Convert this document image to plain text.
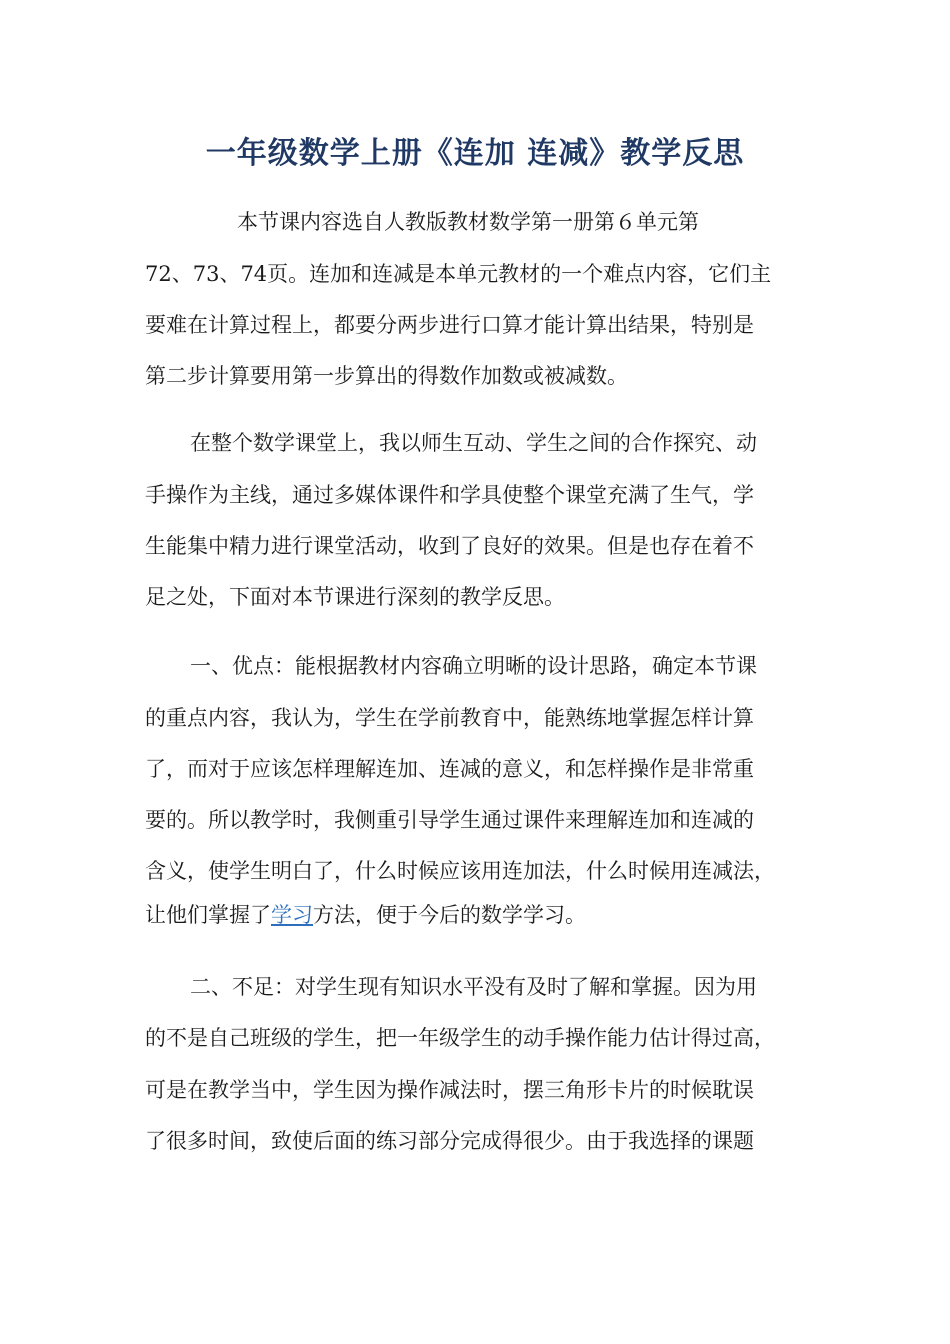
一年级数学上册《连加 连减》教学反思
本节课内容选自人教版教材数学第一册第６单元第
72、73、74页。连加和连减是本单元教材的一个难点内容，它们主
要难在计算过程上，都要分两步进行口算才能计算出结果，特别是
第二步计算要用第一步算出的得数作加数或被减数。
在整个数学课堂上，我以师生互动、学生之间的合作探究、动
手操作为主线，通过多媒体课件和学具使整个课堂充满了生气，学
生能集中精力进行课堂活动，收到了良好的效果。但是也存在着不
足之处，下面对本节课进行深刻的教学反思。
一、优点：能根据教材内容确立明晰的设计思路，确定本节课
的重点内容，我认为，学生在学前教育中，能熟练地掌握怎样计算
了，而对于应该怎样理解连加、连减的意义，和怎样操作是非常重
要的。所以教学时，我侧重引导学生通过课件来理解连加和连减的
含义，使学生明白了，什么时候应该用连加法，什么时候用连减法，
让他们掌握了学习方法，便于今后的数学学习。
二、不足：对学生现有知识水平没有及时了解和掌握。因为用
的不是自己班级的学生，把一年级学生的动手操作能力估计得过高，
可是在教学当中，学生因为操作减法时，摆三角形卡片的时候耽误
了很多时间，致使后面的练习部分完成得很少。由于我选择的课题
